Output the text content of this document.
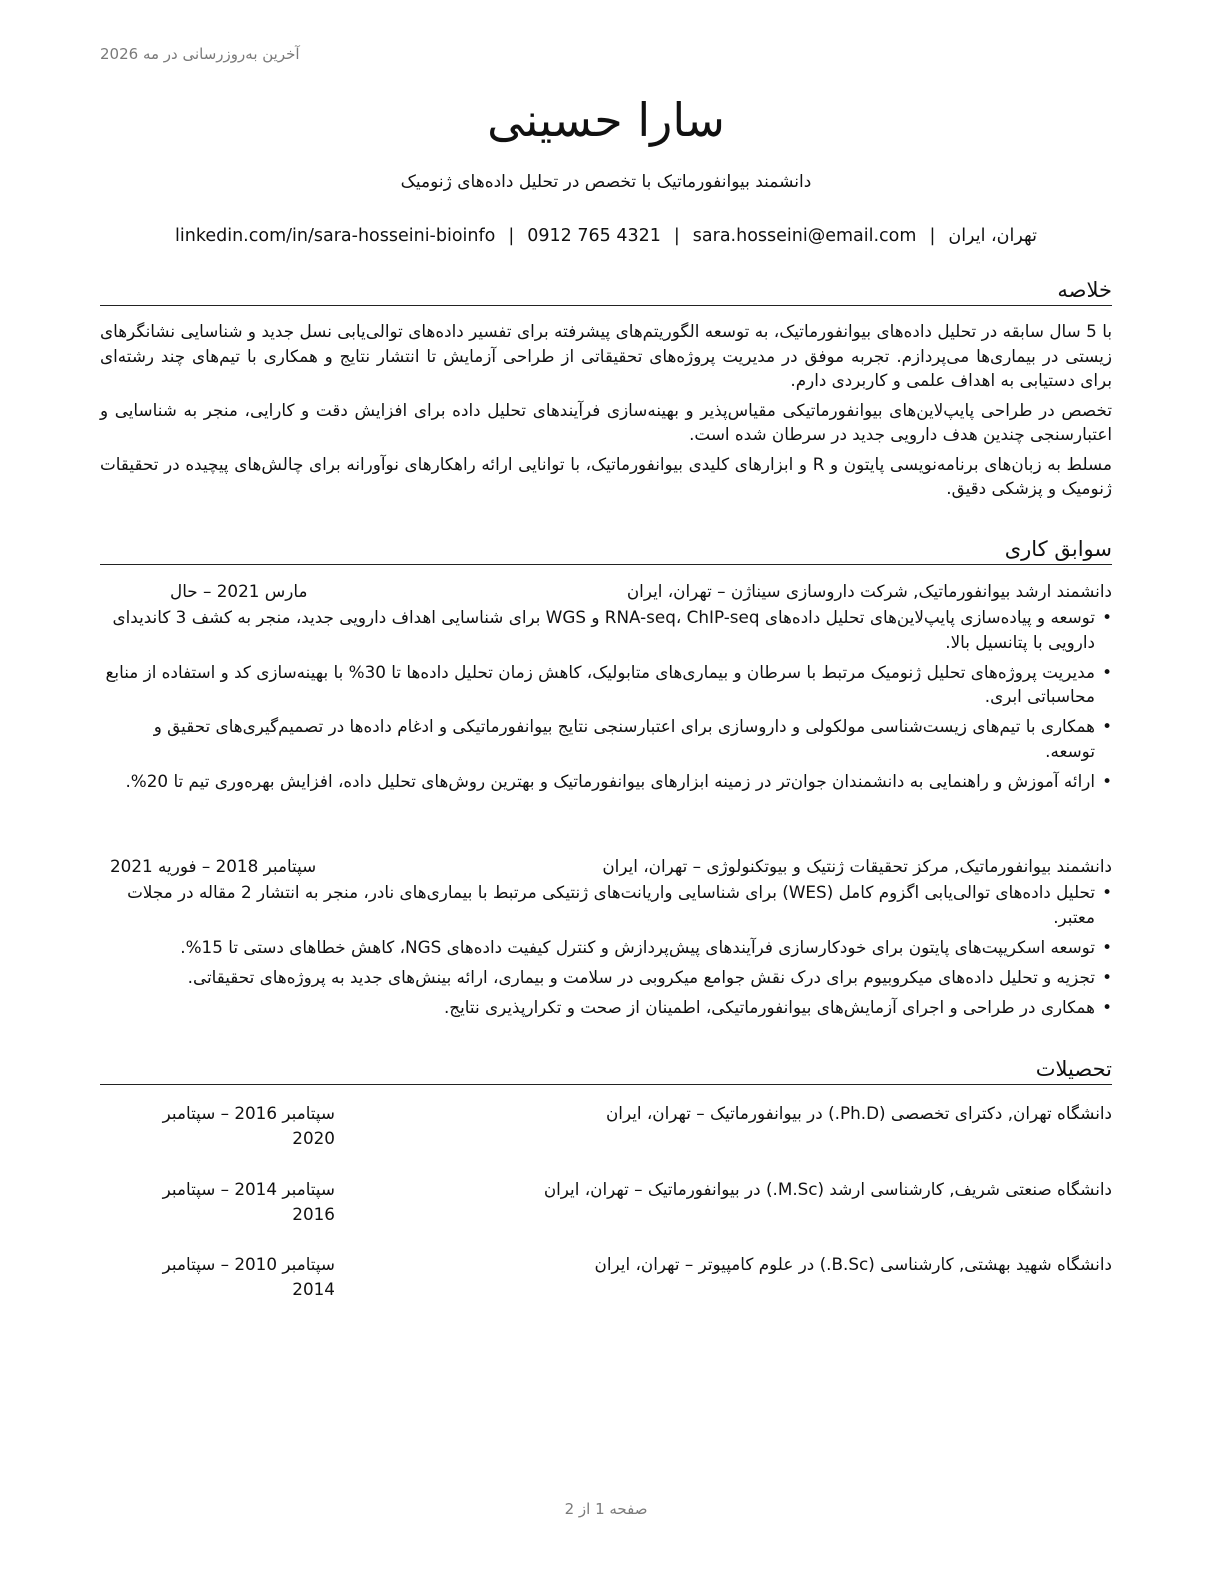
آخرین به‌روزرسانی در مه 2026
سارا حسینی
دانشمند بیوانفورماتیک با تخصص در تحلیل داده‌های ژنومیک
تهران، ایران|sara.hosseini@email.com|0912 765 4321|linkedin.com/in/sara-hosseini-bioinfo
خلاصه

با 5 سال سابقه در تحلیل داده‌های بیوانفورماتیک، به توسعه الگوریتم‌های پیشرفته برای تفسیر داده‌های توالی‌یابی نسل جدید و شناسایی نشانگرهای زیستی در بیماری‌ها می‌پردازم. تجربه موفق در مدیریت پروژه‌های تحقیقاتی از طراحی آزمایش تا انتشار نتایج و همکاری با تیم‌های چند رشته‌ای برای دستیابی به اهداف علمی و کاربردی دارم.

تخصص در طراحی پایپ‌لاین‌های بیوانفورماتیکی مقیاس‌پذیر و بهینه‌سازی فرآیندهای تحلیل داده برای افزایش دقت و کارایی، منجر به شناسایی و اعتبارسنجی چندین هدف دارویی جدید در سرطان شده است.

مسلط به زبان‌های برنامه‌نویسی پایتون و R و ابزارهای کلیدی بیوانفورماتیک، با توانایی ارائه راهکارهای نوآورانه برای چالش‌های پیچیده در تحقیقات ژنومیک و پزشکی دقیق.

سوابق کاری
دانشمند ارشد بیوانفورماتیک, شرکت داروسازی سیناژن – تهران، ایران
مارس 2021 – حال
• توسعه و پیاده‌سازی پایپ‌لاین‌های تحلیل داده‌های RNA-seq، ChIP-seq و WGS برای شناسایی اهداف دارویی جدید، منجر به کشف 3 کاندیدای دارویی با پتانسیل بالا.
• مدیریت پروژه‌های تحلیل ژنومیک مرتبط با سرطان و بیماری‌های متابولیک، کاهش زمان تحلیل داده‌ها تا 30% با بهینه‌سازی کد و استفاده از منابع محاسباتی ابری.
• همکاری با تیم‌های زیست‌شناسی مولکولی و داروسازی برای اعتبارسنجی نتایج بیوانفورماتیکی و ادغام داده‌ها در تصمیم‌گیری‌های تحقیق و توسعه.
• ارائه آموزش و راهنمایی به دانشمندان جوان‌تر در زمینه ابزارهای بیوانفورماتیک و بهترین روش‌های تحلیل داده، افزایش بهره‌وری تیم تا 20%.
دانشمند بیوانفورماتیک, مرکز تحقیقات ژنتیک و بیوتکنولوژی – تهران، ایران
سپتامبر 2018 – فوریه 2021
• تحلیل داده‌های توالی‌یابی اگزوم کامل (WES) برای شناسایی واریانت‌های ژنتیکی مرتبط با بیماری‌های نادر، منجر به انتشار 2 مقاله در مجلات معتبر.
• توسعه اسکریپت‌های پایتون برای خودکارسازی فرآیندهای پیش‌پردازش و کنترل کیفیت داده‌های NGS، کاهش خطاهای دستی تا 15%.
• تجزیه و تحلیل داده‌های میکروبیوم برای درک نقش جوامع میکروبی در سلامت و بیماری، ارائه بینش‌های جدید به پروژه‌های تحقیقاتی.
• همکاری در طراحی و اجرای آزمایش‌های بیوانفورماتیکی، اطمینان از صحت و تکرارپذیری نتایج.
تحصیلات
دانشگاه تهران, دکترای تخصصی (Ph.D.) در بیوانفورماتیک – تهران، ایران
سپتامبر 2016 – سپتامبر
2020
دانشگاه صنعتی شریف, کارشناسی ارشد (M.Sc.) در بیوانفورماتیک – تهران، ایران
سپتامبر 2014 – سپتامبر
2016
دانشگاه شهید بهشتی, کارشناسی (B.Sc.) در علوم کامپیوتر – تهران، ایران
سپتامبر 2010 – سپتامبر
2014
صفحه 1 از 2
